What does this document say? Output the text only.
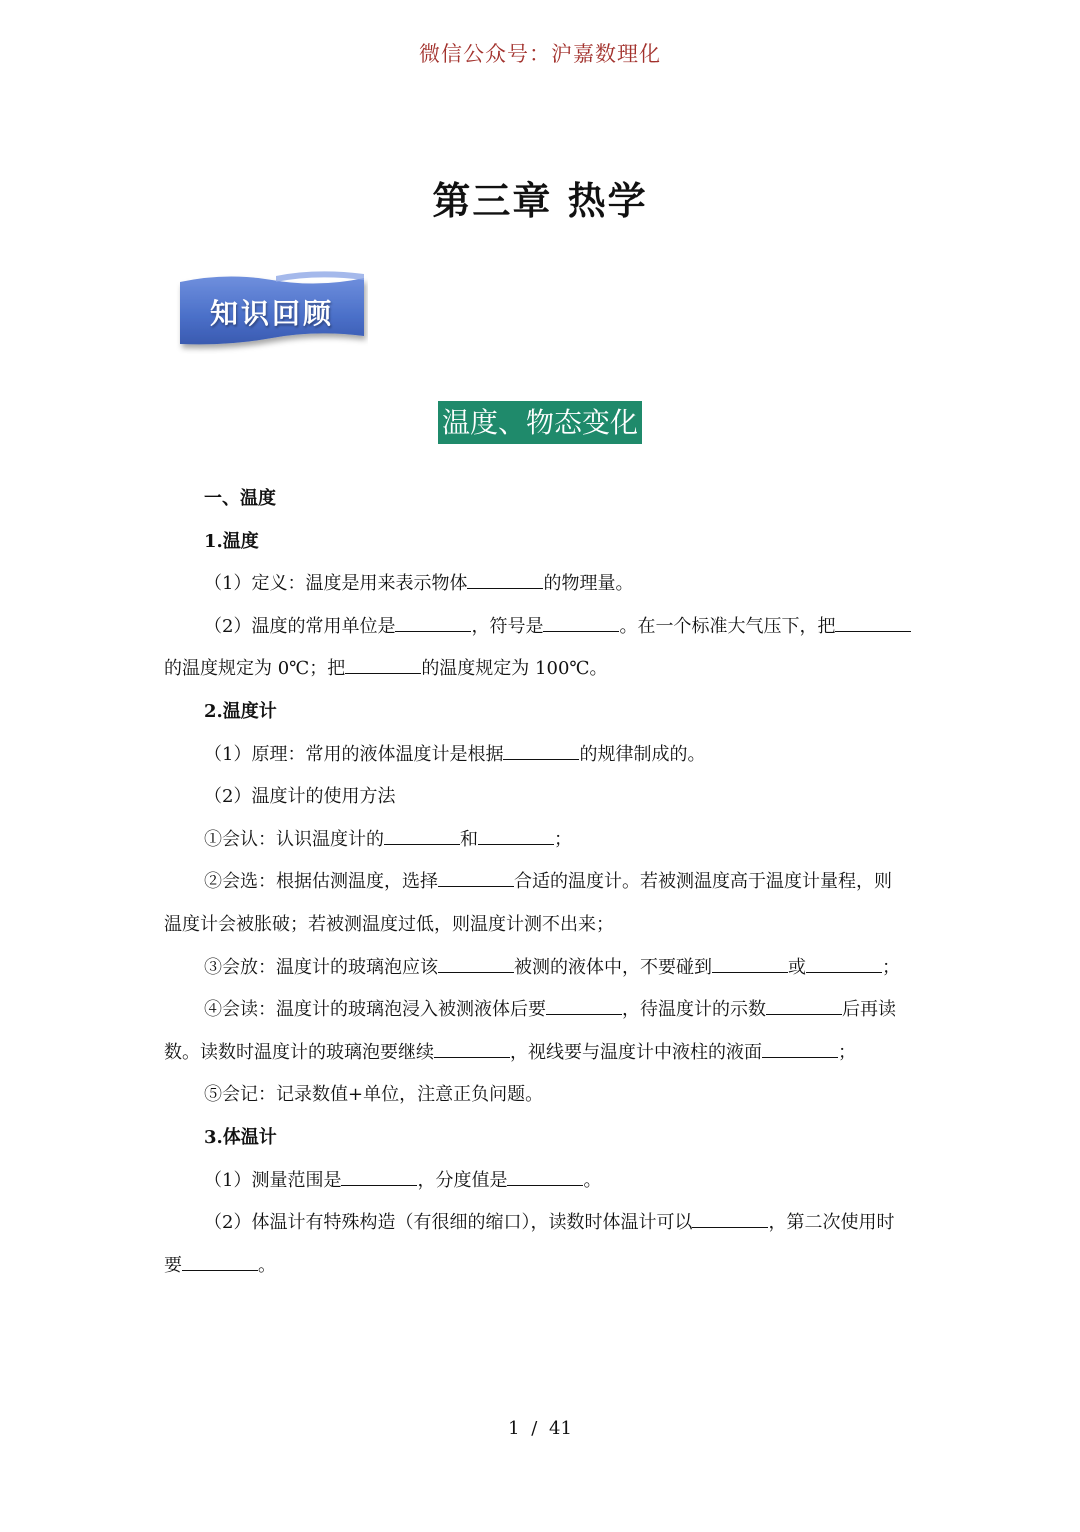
微信公众号：沪嘉数理化
第三章 热学
知识回顾
温度、物态变化

一、温度

1.温度

（1）定义：温度是用来表示物体	的物理量。

（2）温度的常用单位是	，符号是	。在一个标准大气压下，把

的温度规定为 0℃；把	的温度规定为 100℃。

2.温度计

（1）原理：常用的液体温度计是根据	的规律制成的。

（2）温度计的使用方法

①会认：认识温度计的	和	；

②会选：根据估测温度，选择	合适的温度计。若被测温度高于温度计量程，则

温度计会被胀破；若被测温度过低，则温度计测不出来；

③会放：温度计的玻璃泡应该	被测的液体中，不要碰到	或	；

④会读：温度计的玻璃泡浸入被测液体后要	，待温度计的示数	后再读

数。读数时温度计的玻璃泡要继续	，视线要与温度计中液柱的液面	；

⑤会记：记录数值+单位，注意正负问题。

3.体温计

（1）测量范围是	，分度值是	。

（2）体温计有特殊构造（有很细的缩口），读数时体温计可以	，第二次使用时

要	。

1 / 41
